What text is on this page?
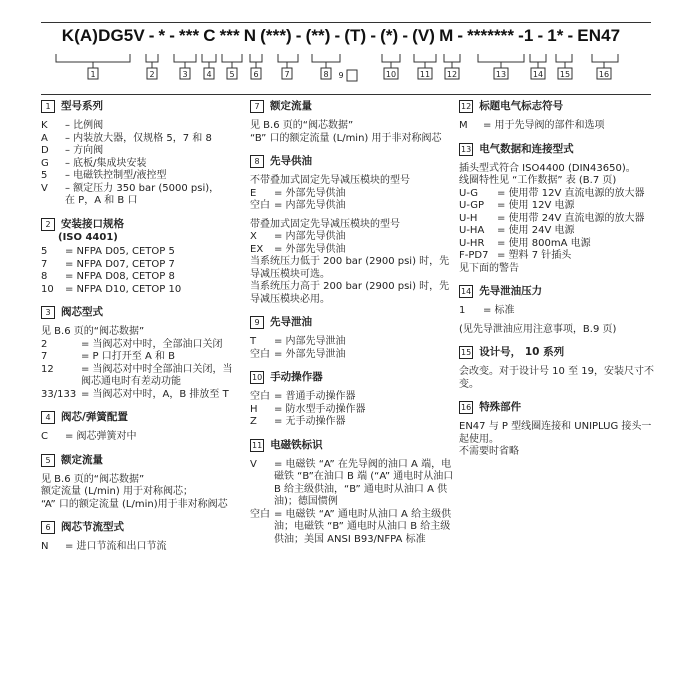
K(A)DG5V - * - *** C *** N (***) - (**) - (T) - (*) - (V) M - ******* -1 - 1* - EN47
1	2	3 4 5 6	7	8 9	10	11 12	13	14 15	16
1 型号系列
K	– 比例阀
A	– 内装放大器，仅规格 5，7 和 8
D	– 方向阀
G	– 底板/集成块安装
5	– 电磁铁控制型/液控型
V	– 额定压力 350 bar (5000 psi)，
在 P，A 和 B 口
2 安装接口规格
(ISO 4401)
5	= NFPA D05, CETOP 5
7	= NFPA D07, CETOP 7
8	= NFPA D08, CETOP 8
10	= NFPA D10, CETOP 10
3 阀芯型式
见 B.6 页的“阀芯数据”
2	= 当阀芯对中时，全部油口关闭
7	= P 口打开至 A 和 B
12	= 当阀芯对中时全部油口关闭，当阀芯通电时有差动功能
33/133 = 当阀芯对中时，A，B 排放至 T
4 阀芯/弹簧配置
C	= 阀芯弹簧对中
5 额定流量
见 B.6 页的“阀芯数据”
额定流量 (L/min) 用于对称阀芯；
“A” 口的额定流量 (L/min)用于非对称阀芯
6 阀芯节流型式
N	= 进口节流和出口节流
7 额定流量
见 B.6 页的“阀芯数据”
“B” 口的额定流量 (L/min) 用于非对称阀芯
8 先导供油
不带叠加式固定先导减压模块的型号
E	= 外部先导供油
空白 = 内部先导供油
带叠加式固定先导减压模块的型号
X	= 内部先导供油
EX	= 外部先导供油
当系统压力低于 200 bar (2900 psi) 时，先导减压模块可选。
当系统压力高于 200 bar (2900 psi) 时，先导减压模块必用。
9 先导泄油
T	= 内部先导泄油
空白 = 外部先导泄油
10 手动操作器
空白 = 普通手动操作器
H	= 防水型手动操作器
Z	= 无手动操作器
11 电磁铁标识
V	= 电磁铁 “A” 在先导阀的油口 A 端，电磁铁 “B”在油口 B 端 (“A” 通电时从油口 B 给主级供油，“B” 通电时从油口 A 供油)；德国惯例
空白 = 电磁铁 “A” 通电时从油口 A 给主级供油；电磁铁 “B” 通电时从油口 B 给主级供油；美国 ANSI B93/NFPA 标准
12 标题电气标志符号
M	= 用于先导阀的部件和选项
13 电气数据和连接型式
插头型式符合 ISO4400 (DIN43650)。
线圈特性见 “工作数据” 表 (B.7 页)
U-G	= 使用带 12V 直流电源的放大器
U-GP	= 使用 12V 电源
U-H	= 使用带 24V 直流电源的放大器
U-HA	= 使用 24V 电源
U-HR	= 使用 800mA 电源
F-PD7 = 塑料 7 针插头
见下面的警告
14 先导泄油压力
1	= 标准
(见先导泄油应用注意事项，B.9 页)
15 设计号， 10 系列
会改变。对于设计号 10 至 19，安装尺寸不变。
16 特殊部件
EN47 与 P 型线圈连接和 UNIPLUG 接头一起使用。
不需要时省略
